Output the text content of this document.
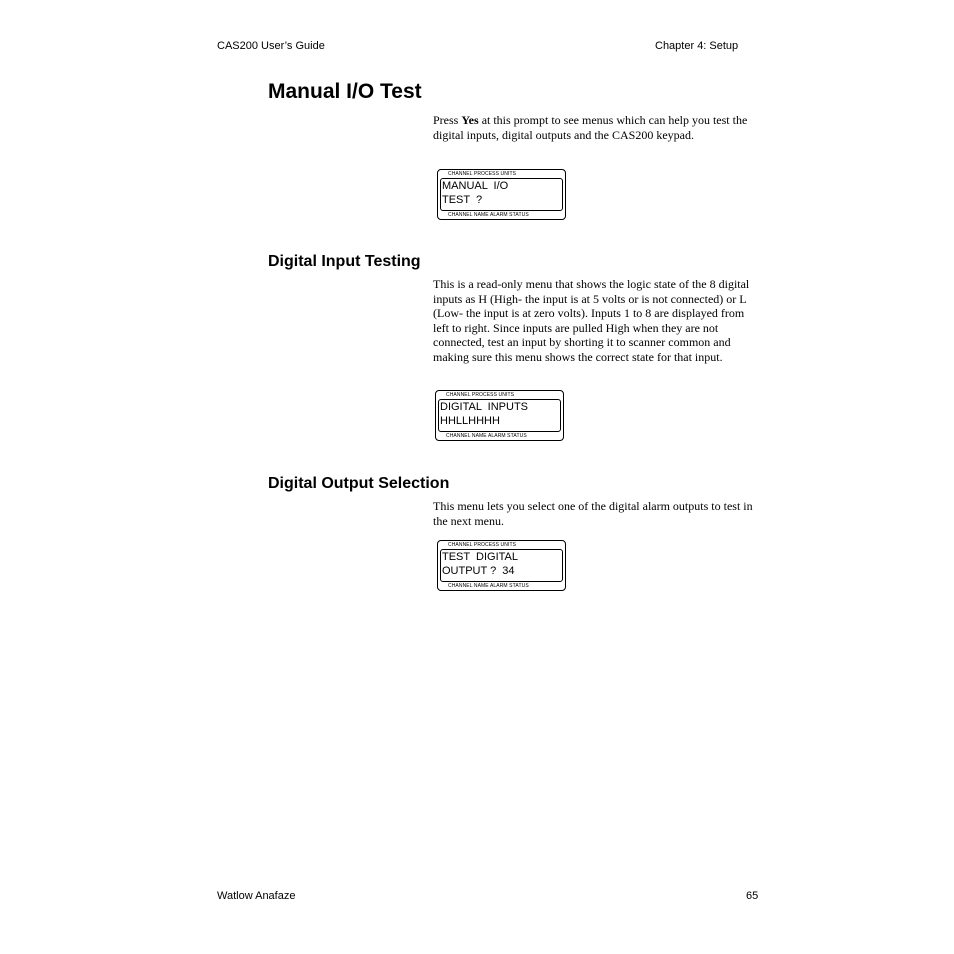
CAS200 User’s Guide	Chapter 4: Setup
Manual I/O Test

Press Yes at this prompt to see menus which can help you test the digital inputs, digital outputs and the CAS200 keypad.

CHANNEL PROCESS UNITS
MANUAL  I/O
TEST  ?
CHANNEL NAME ALARM STATUS
Digital Input Testing

This is a read-only menu that shows the logic state of the 8 digital inputs as H (High- the input is at 5 volts or is not connected) or L (Low- the input is at zero volts). Inputs 1 to 8 are displayed from left to right. Since inputs are pulled High when they are not connected, test an input by shorting it to scanner common and making sure this menu shows the correct state for that input.

CHANNEL PROCESS UNITS
DIGITAL  INPUTS
HHLLHHHH
CHANNEL NAME ALARM STATUS
Digital Output Selection

This menu lets you select one of the digital alarm outputs to test in the next menu.

CHANNEL PROCESS UNITS
TEST  DIGITAL
OUTPUT ?  34
CHANNEL NAME ALARM STATUS
Watlow Anafaze	65
